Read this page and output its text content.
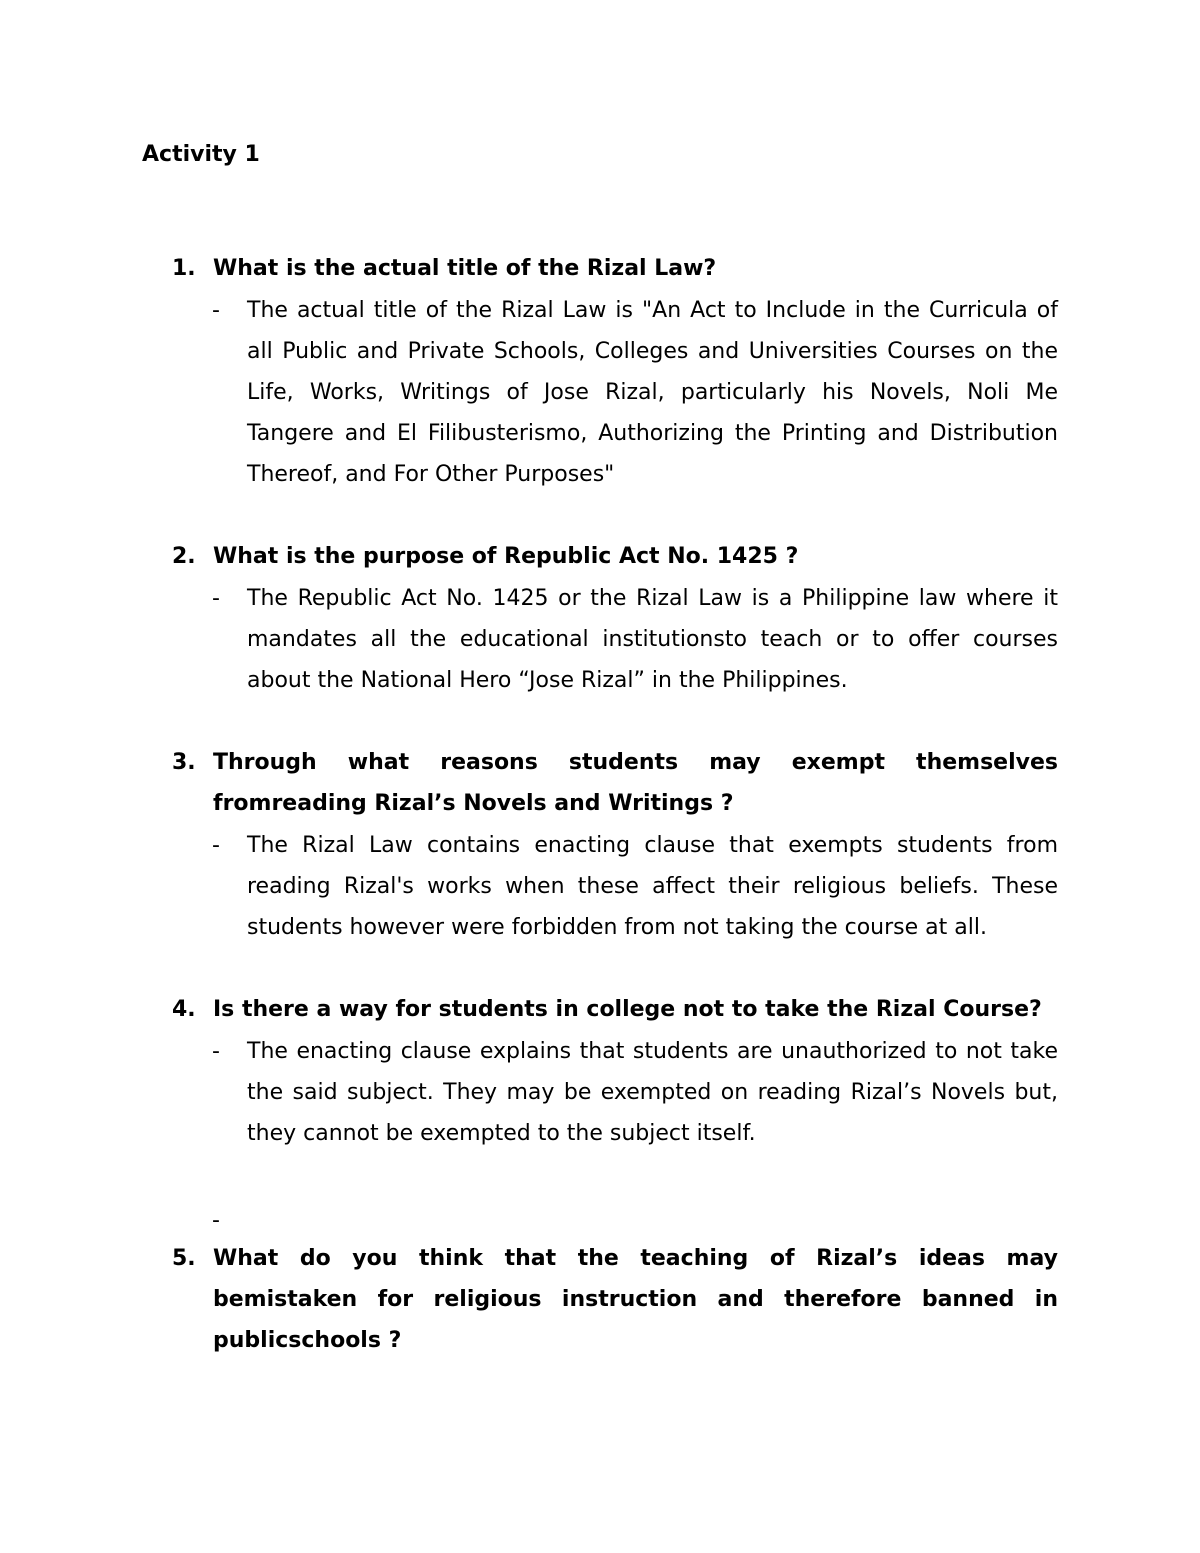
Activity 1
1. What is the actual title of the Rizal Law?
- The actual title of the Rizal Law is "An Act to Include in the Curricula of all Public and Private Schools, Colleges and Universities Courses on the Life, Works, Writings of Jose Rizal, particularly his Novels, Noli Me Tangere and El Filibusterismo, Authorizing the Printing and Distribution Thereof, and For Other Purposes"
2. What is the purpose of Republic Act No. 1425 ?
- The Republic Act No. 1425 or the Rizal Law is a Philippine law where it mandates all the educational institutionsto teach or to offer courses about the National Hero “Jose Rizal” in the Philippines.
3. Through what reasons students may exempt themselves fromreading Rizal’s Novels and Writings ?
- The Rizal Law contains enacting clause that exempts students from reading Rizal's works when these affect their religious beliefs. These students however were forbidden from not taking the course at all.
4. Is there a way for students in college not to take the Rizal Course?
- The enacting clause explains that students are unauthorized to not take the said subject. They may be exempted on reading Rizal’s Novels but, they cannot be exempted to the subject itself.
-
5. What do you think that the teaching of Rizal’s ideas may bemistaken for religious instruction and therefore banned in publicschools ?
